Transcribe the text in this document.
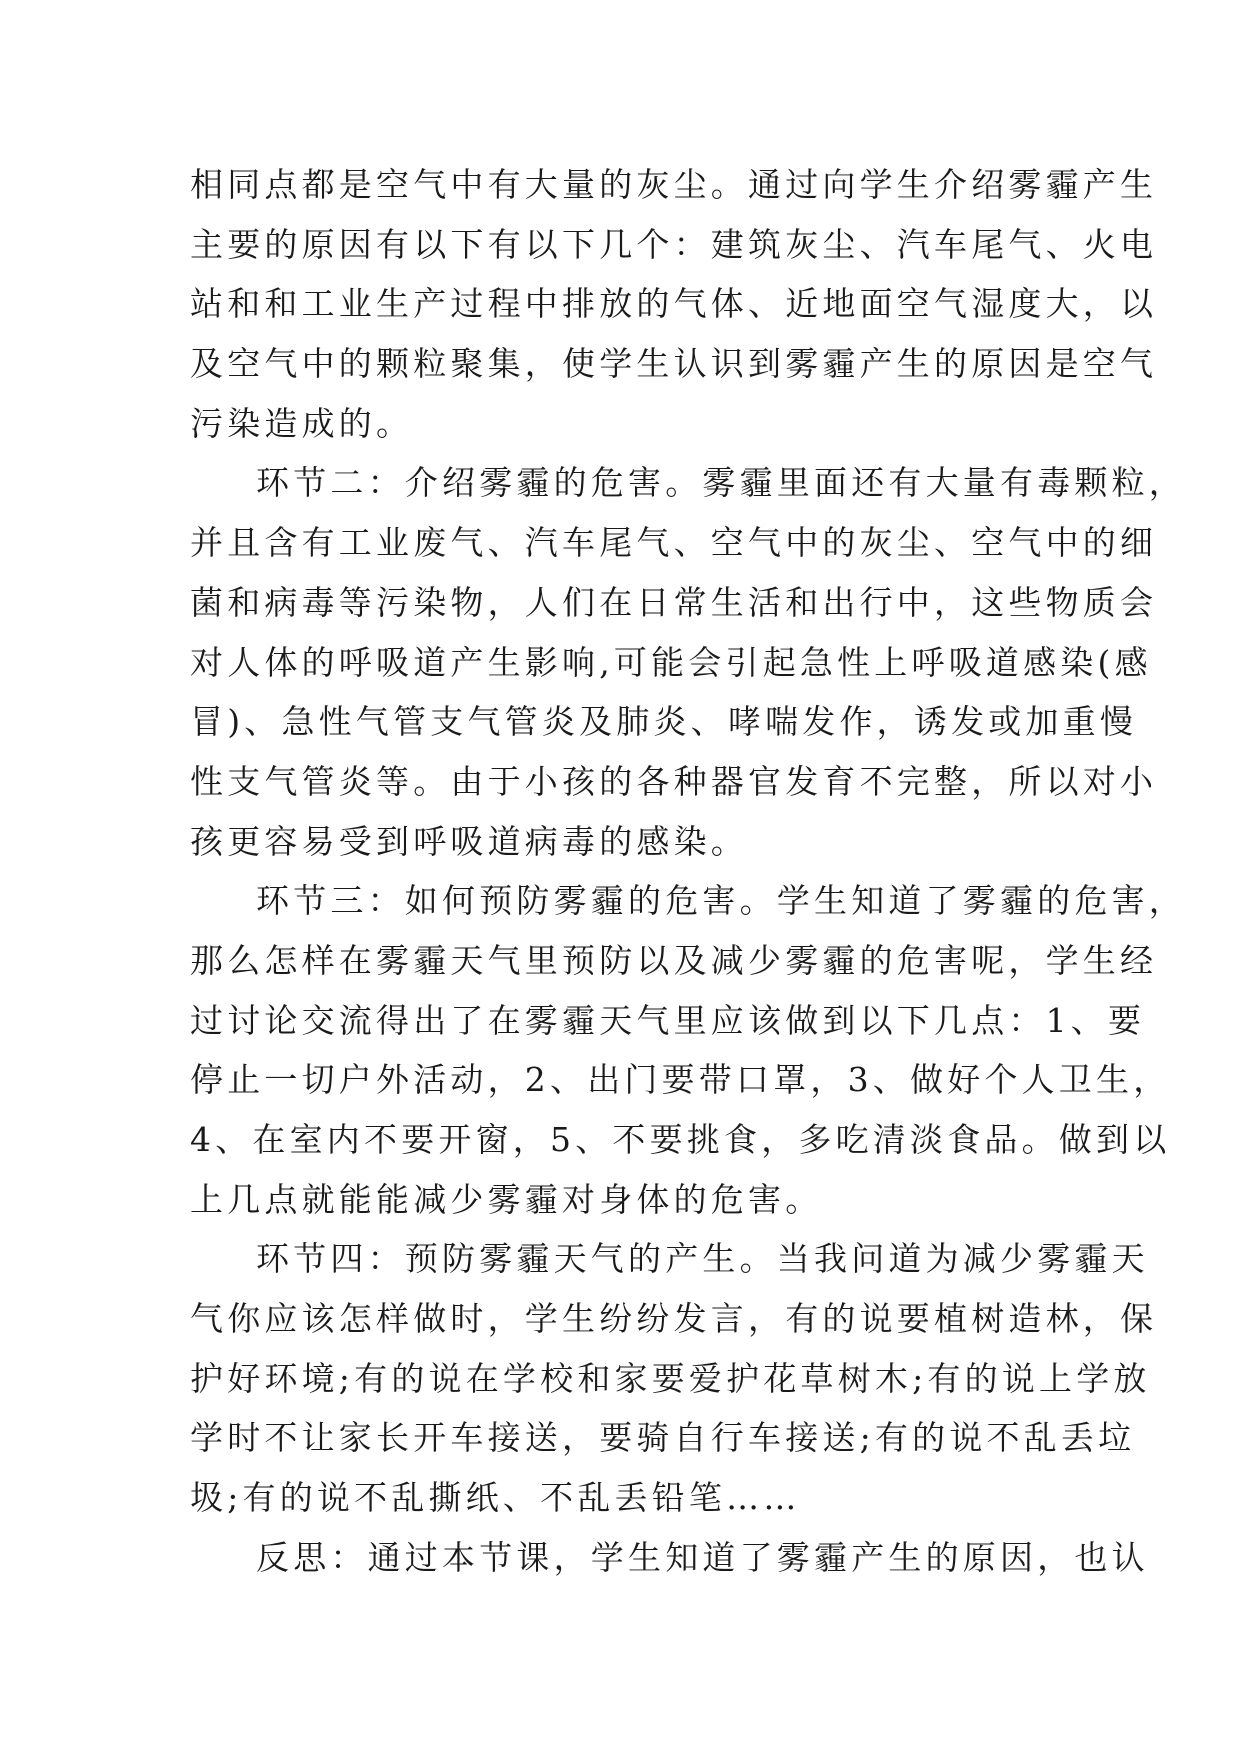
相同点都是空气中有大量的灰尘。通过向学生介绍雾霾产生
主要的原因有以下有以下几个：建筑灰尘、汽车尾气、火电
站和和工业生产过程中排放的气体、近地面空气湿度大，以
及空气中的颗粒聚集，使学生认识到雾霾产生的原因是空气
污染造成的。
环节二：介绍雾霾的危害。雾霾里面还有大量有毒颗粒，
并且含有工业废气、汽车尾气、空气中的灰尘、空气中的细
菌和病毒等污染物，人们在日常生活和出行中，这些物质会
对人体的呼吸道产生影响,可能会引起急性上呼吸道感染(感
冒)、急性气管支气管炎及肺炎、哮喘发作，诱发或加重慢
性支气管炎等。由于小孩的各种器官发育不完整，所以对小
孩更容易受到呼吸道病毒的感染。
环节三：如何预防雾霾的危害。学生知道了雾霾的危害，
那么怎样在雾霾天气里预防以及减少雾霾的危害呢，学生经
过讨论交流得出了在雾霾天气里应该做到以下几点：1、要
停止一切户外活动，2、出门要带口罩，3、做好个人卫生，
4、在室内不要开窗，5、不要挑食，多吃清淡食品。做到以
上几点就能能减少雾霾对身体的危害。
环节四：预防雾霾天气的产生。当我问道为减少雾霾天
气你应该怎样做时，学生纷纷发言，有的说要植树造林，保
护好环境;有的说在学校和家要爱护花草树木;有的说上学放
学时不让家长开车接送，要骑自行车接送;有的说不乱丢垃
圾;有的说不乱撕纸、不乱丢铅笔……
反思：通过本节课，学生知道了雾霾产生的原因，也认
